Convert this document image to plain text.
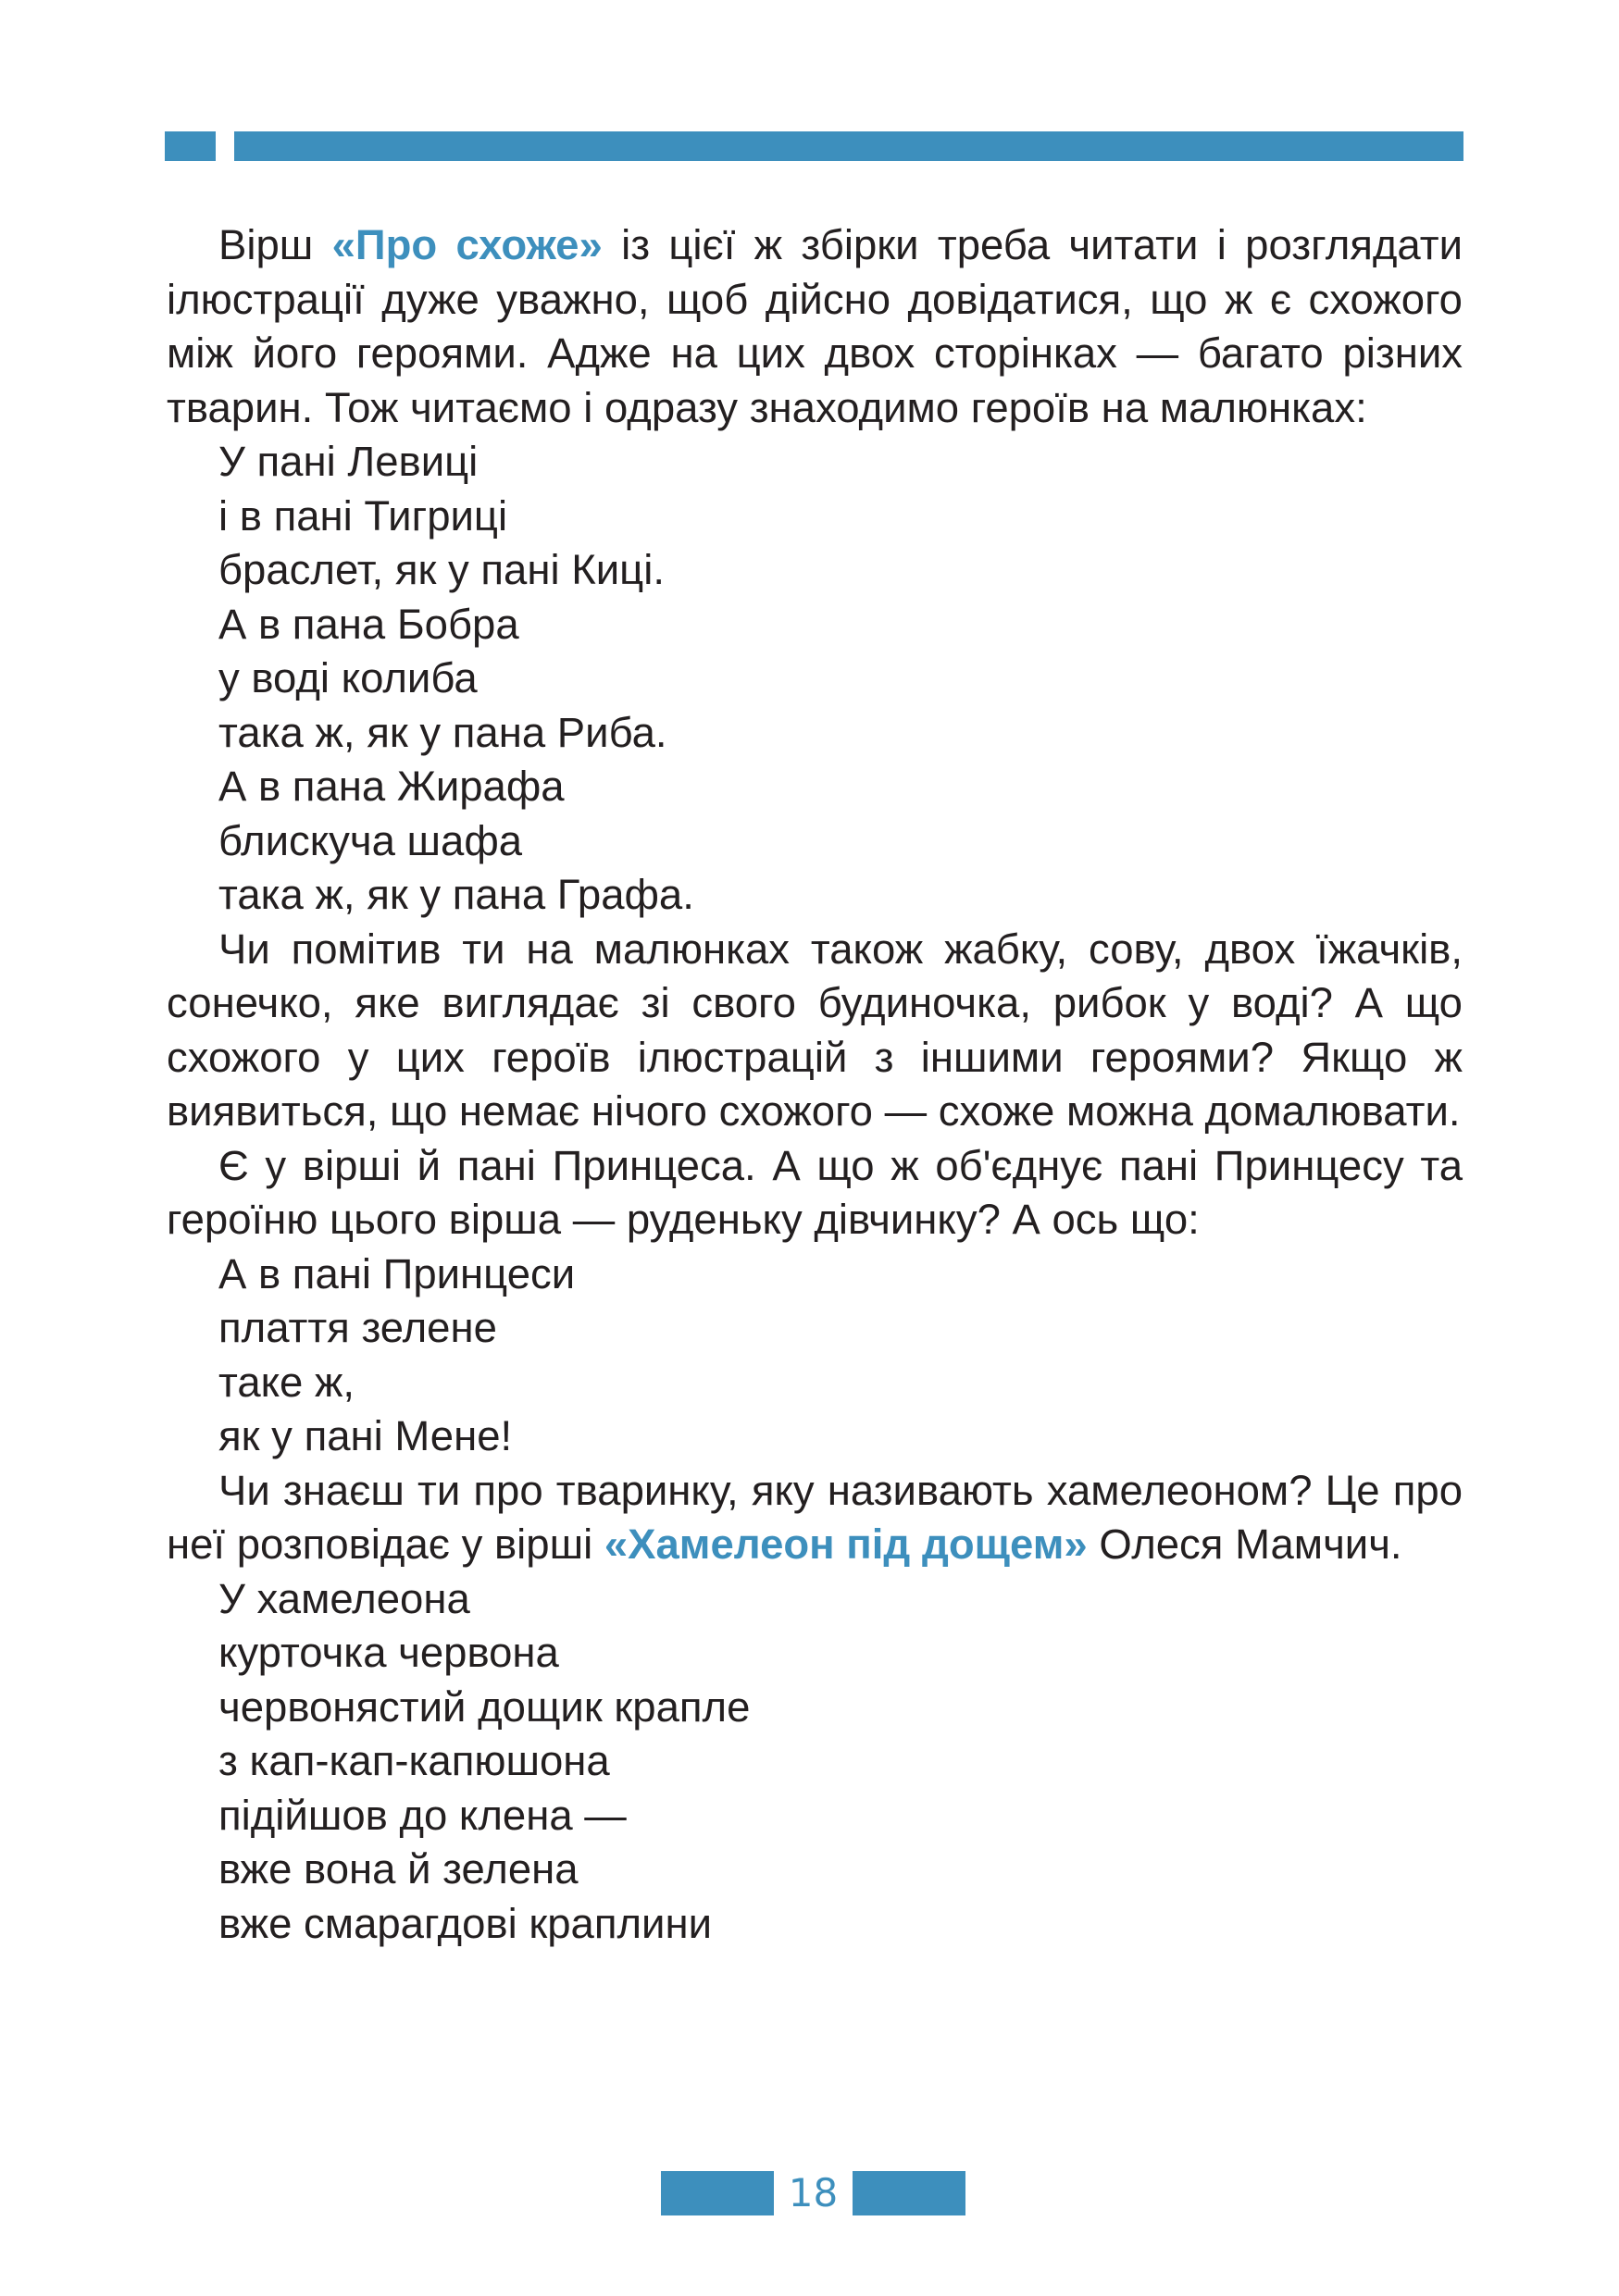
Вірш «Про схоже» із цієї ж збірки треба читати і розглядати ілюстрації дуже уважно, щоб дійсно довідатися, що ж є схожого між його героями. Адже на цих двох сторінках — багато різних тварин. Тож читаємо і одразу знаходимо героїв на малюнках:

У пані Левиці
і в пані Тигриці
браслет, як у пані Киці.
А в пана Бобра
у воді колиба
така ж, як у пана Риба.
А в пана Жирафа
блискуча шафа
така ж, як у пана Графа.

Чи помітив ти на малюнках також жабку, сову, двох їжачків, сонечко, яке виглядає зі свого будиночка, рибок у воді? А що схожого у цих героїв ілюстрацій з іншими героями? Якщо ж виявиться, що немає нічого схожого — схоже можна домалювати.

Є у вірші й пані Принцеса. А що ж об'єднує пані Принцесу та героїню цього вірша — руденьку дівчинку? А ось що:

А в пані Принцеси
плаття зелене
таке ж,
як у пані Мене!

Чи знаєш ти про тваринку, яку називають хамелеоном? Це про неї розповідає у вірші «Хамелеон під дощем» Олеся Мамчич.

У хамелеона
курточка червона
червонястий дощик крапле
з кап-кап-капюшона
підійшов до клена —
вже вона й зелена
вже смарагдові краплини
18
